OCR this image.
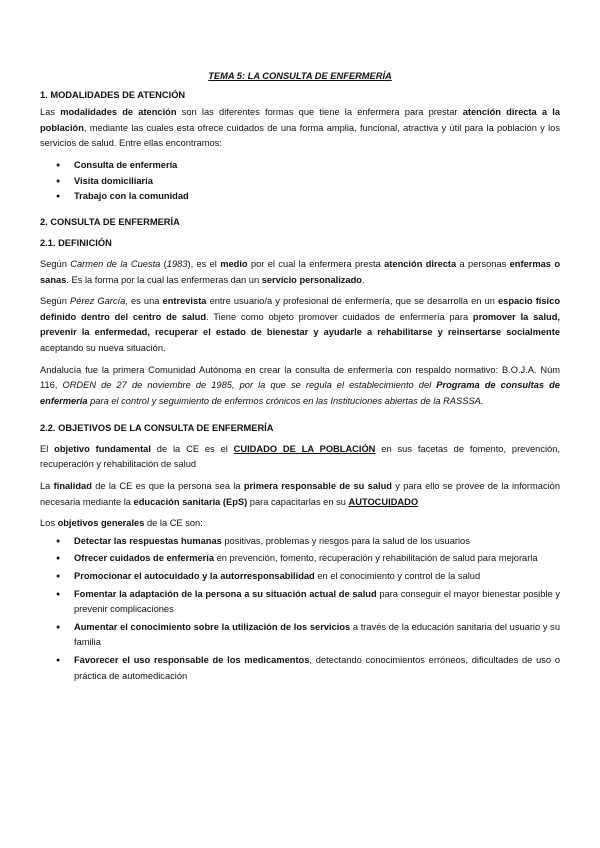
TEMA 5: LA CONSULTA DE ENFERMERÍA
1. MODALIDADES DE ATENCIÓN

Las modalidades de atención son las diferentes formas que tiene la enfermera para prestar atención directa a la población, mediante las cuales esta ofrece cuidados de una forma amplia, funcional, atractiva y útil para la población y los servicios de salud. Entre ellas encontramos:

● Consulta de enfermería
● Visita domiciliaria
● Trabajo con la comunidad
2. CONSULTA DE ENFERMERÍA
2.1. DEFINICIÓN

Según Carmen de la Cuesta (1983), es el medio por el cual la enfermera presta atención directa a personas enfermas o sanas. Es la forma por la cual las enfermeras dan un servicio personalizado.

Según Pérez García, es una entrevista entre usuario/a y profesional de enfermería, que se desarrolla en un espacio físico definido dentro del centro de salud. Tiene como objeto promover cuidados de enfermería para promover la salud, prevenir la enfermedad, recuperar el estado de bienestar y ayudarle a rehabilitarse y reinsertarse socialmente aceptando su nueva situación.

Andalucía fue la primera Comunidad Autónoma en crear la consulta de enfermería con respaldo normativo: B.O.J.A. Núm 116, ORDEN de 27 de noviembre de 1985, por la que se regula el establecimiento del Programa de consultas de enfermería para el control y seguimiento de enfermos crónicos en las Instituciones abiertas de la RASSSA.

2.2. OBJETIVOS DE LA CONSULTA DE ENFERMERÍA

El objetivo fundamental de la CE es el CUIDADO DE LA POBLACIÓN en sus facetas de fomento, prevención, recuperación y rehabilitación de salud

La finalidad de la CE es que la persona sea la primera responsable de su salud y para ello se provee de la información necesaria mediante la educación sanitaria (EpS) para capacitarlas en su AUTOCUIDADO

Los objetivos generales de la CE son:

● Detectar las respuestas humanas positivas, problemas y riesgos para la salud de los usuarios
● Ofrecer cuidados de enfermería en prevención, fomento, recuperación y rehabilitación de salud para mejorarla
● Promocionar el autocuidado y la autorresponsabilidad en el conocimiento y control de la salud
● Fomentar la adaptación de la persona a su situación actual de salud para conseguir el mayor bienestar posible y prevenir complicaciones
● Aumentar el conocimiento sobre la utilización de los servicios a través de la educación sanitaria del usuario y su familia
● Favorecer el uso responsable de los medicamentos, detectando conocimientos erróneos, dificultades de uso o práctica de automedicación
